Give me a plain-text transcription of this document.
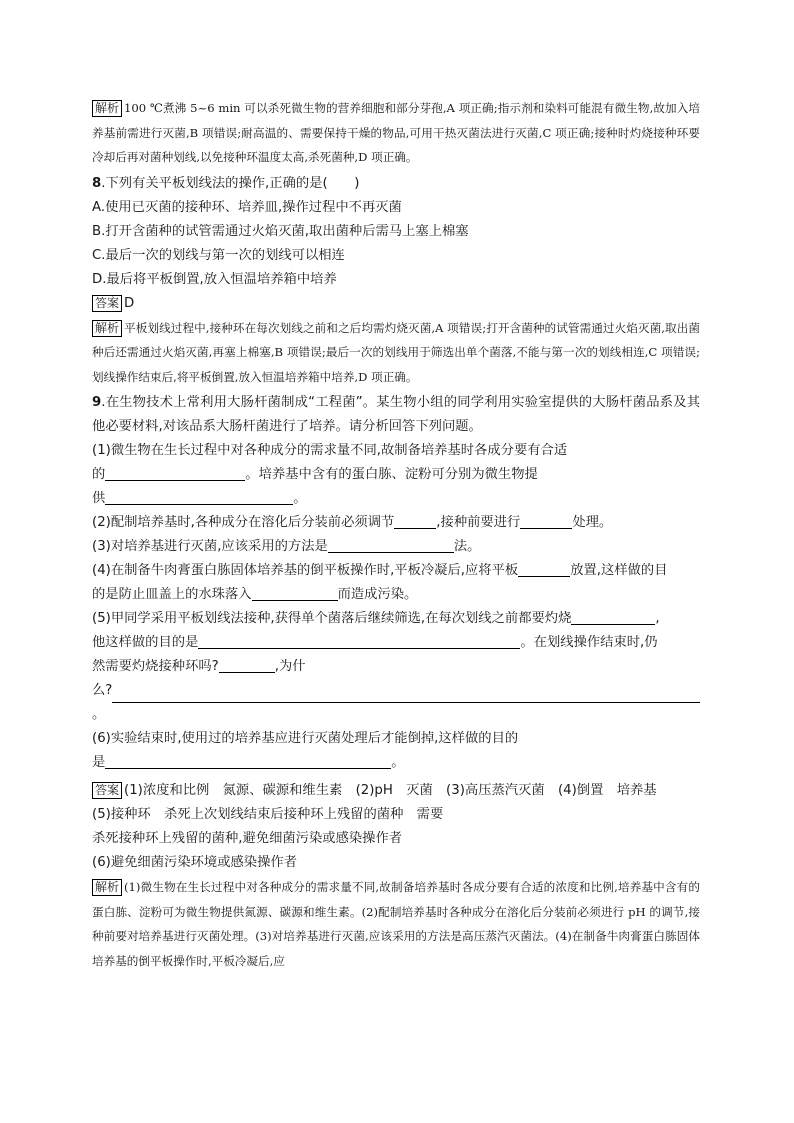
解析 100 ℃煮沸 5~6 min 可以杀死微生物的营养细胞和部分芽孢,A 项正确;指示剂和染料可能混有微生物,故加入培养基前需进行灭菌,B 项错误;耐高温的、需要保持干燥的物品,可用干热灭菌法进行灭菌,C 项正确;接种时灼烧接种环要冷却后再对菌种划线,以免接种环温度太高,杀死菌种,D 项正确。

8.下列有关平板划线法的操作,正确的是(　　)

A.使用已灭菌的接种环、培养皿,操作过程中不再灭菌

B.打开含菌种的试管需通过火焰灭菌,取出菌种后需马上塞上棉塞

C.最后一次的划线与第一次的划线可以相连

D.最后将平板倒置,放入恒温培养箱中培养

答案 D

解析 平板划线过程中,接种环在每次划线之前和之后均需灼烧灭菌,A 项错误;打开含菌种的试管需通过火焰灭菌,取出菌种后还需通过火焰灭菌,再塞上棉塞,B 项错误;最后一次的划线用于筛选出单个菌落,不能与第一次的划线相连,C 项错误;划线操作结束后,将平板倒置,放入恒温培养箱中培养,D 项正确。

9.在生物技术上常利用大肠杆菌制成“工程菌”。某生物小组的同学利用实验室提供的大肠杆菌品系及其他必要材料,对该品系大肠杆菌进行了培养。请分析回答下列问题。

(1)微生物在生长过程中对各种成分的需求量不同,故制备培养基时各成分要有合适

的	。培养基中含有的蛋白胨、淀粉可分别为微生物提

供	。

(2)配制培养基时,各种成分在溶化后分装前必须调节	,接种前要进行	处理。

(3)对培养基进行灭菌,应该采用的方法是	法。

(4)在制备牛肉膏蛋白胨固体培养基的倒平板操作时,平板冷凝后,应将平板	放置,这样做的目

的是防止皿盖上的水珠落入	而造成污染。

(5)甲同学采用平板划线法接种,获得单个菌落后继续筛选,在每次划线之前都要灼烧	,

他这样做的目的是	。在划线操作结束时,仍

然需要灼烧接种环吗?	,为什

么?

。

(6)实验结束时,使用过的培养基应进行灭菌处理后才能倒掉,这样做的目的

是	。

答案 (1)浓度和比例　氮源、碳源和维生素　(2)pH　灭菌　(3)高压蒸汽灭菌　(4)倒置　培养基

(5)接种环　杀死上次划线结束后接种环上残留的菌种　需要

杀死接种环上残留的菌种,避免细菌污染或感染操作者

(6)避免细菌污染环境或感染操作者

解析 (1)微生物在生长过程中对各种成分的需求量不同,故制备培养基时各成分要有合适的浓度和比例,培养基中含有的蛋白胨、淀粉可为微生物提供氮源、碳源和维生素。(2)配制培养基时各种成分在溶化后分装前必须进行 pH 的调节,接种前要对培养基进行灭菌处理。(3)对培养基进行灭菌,应该采用的方法是高压蒸汽灭菌法。(4)在制备牛肉膏蛋白胨固体培养基的倒平板操作时,平板冷凝后,应
